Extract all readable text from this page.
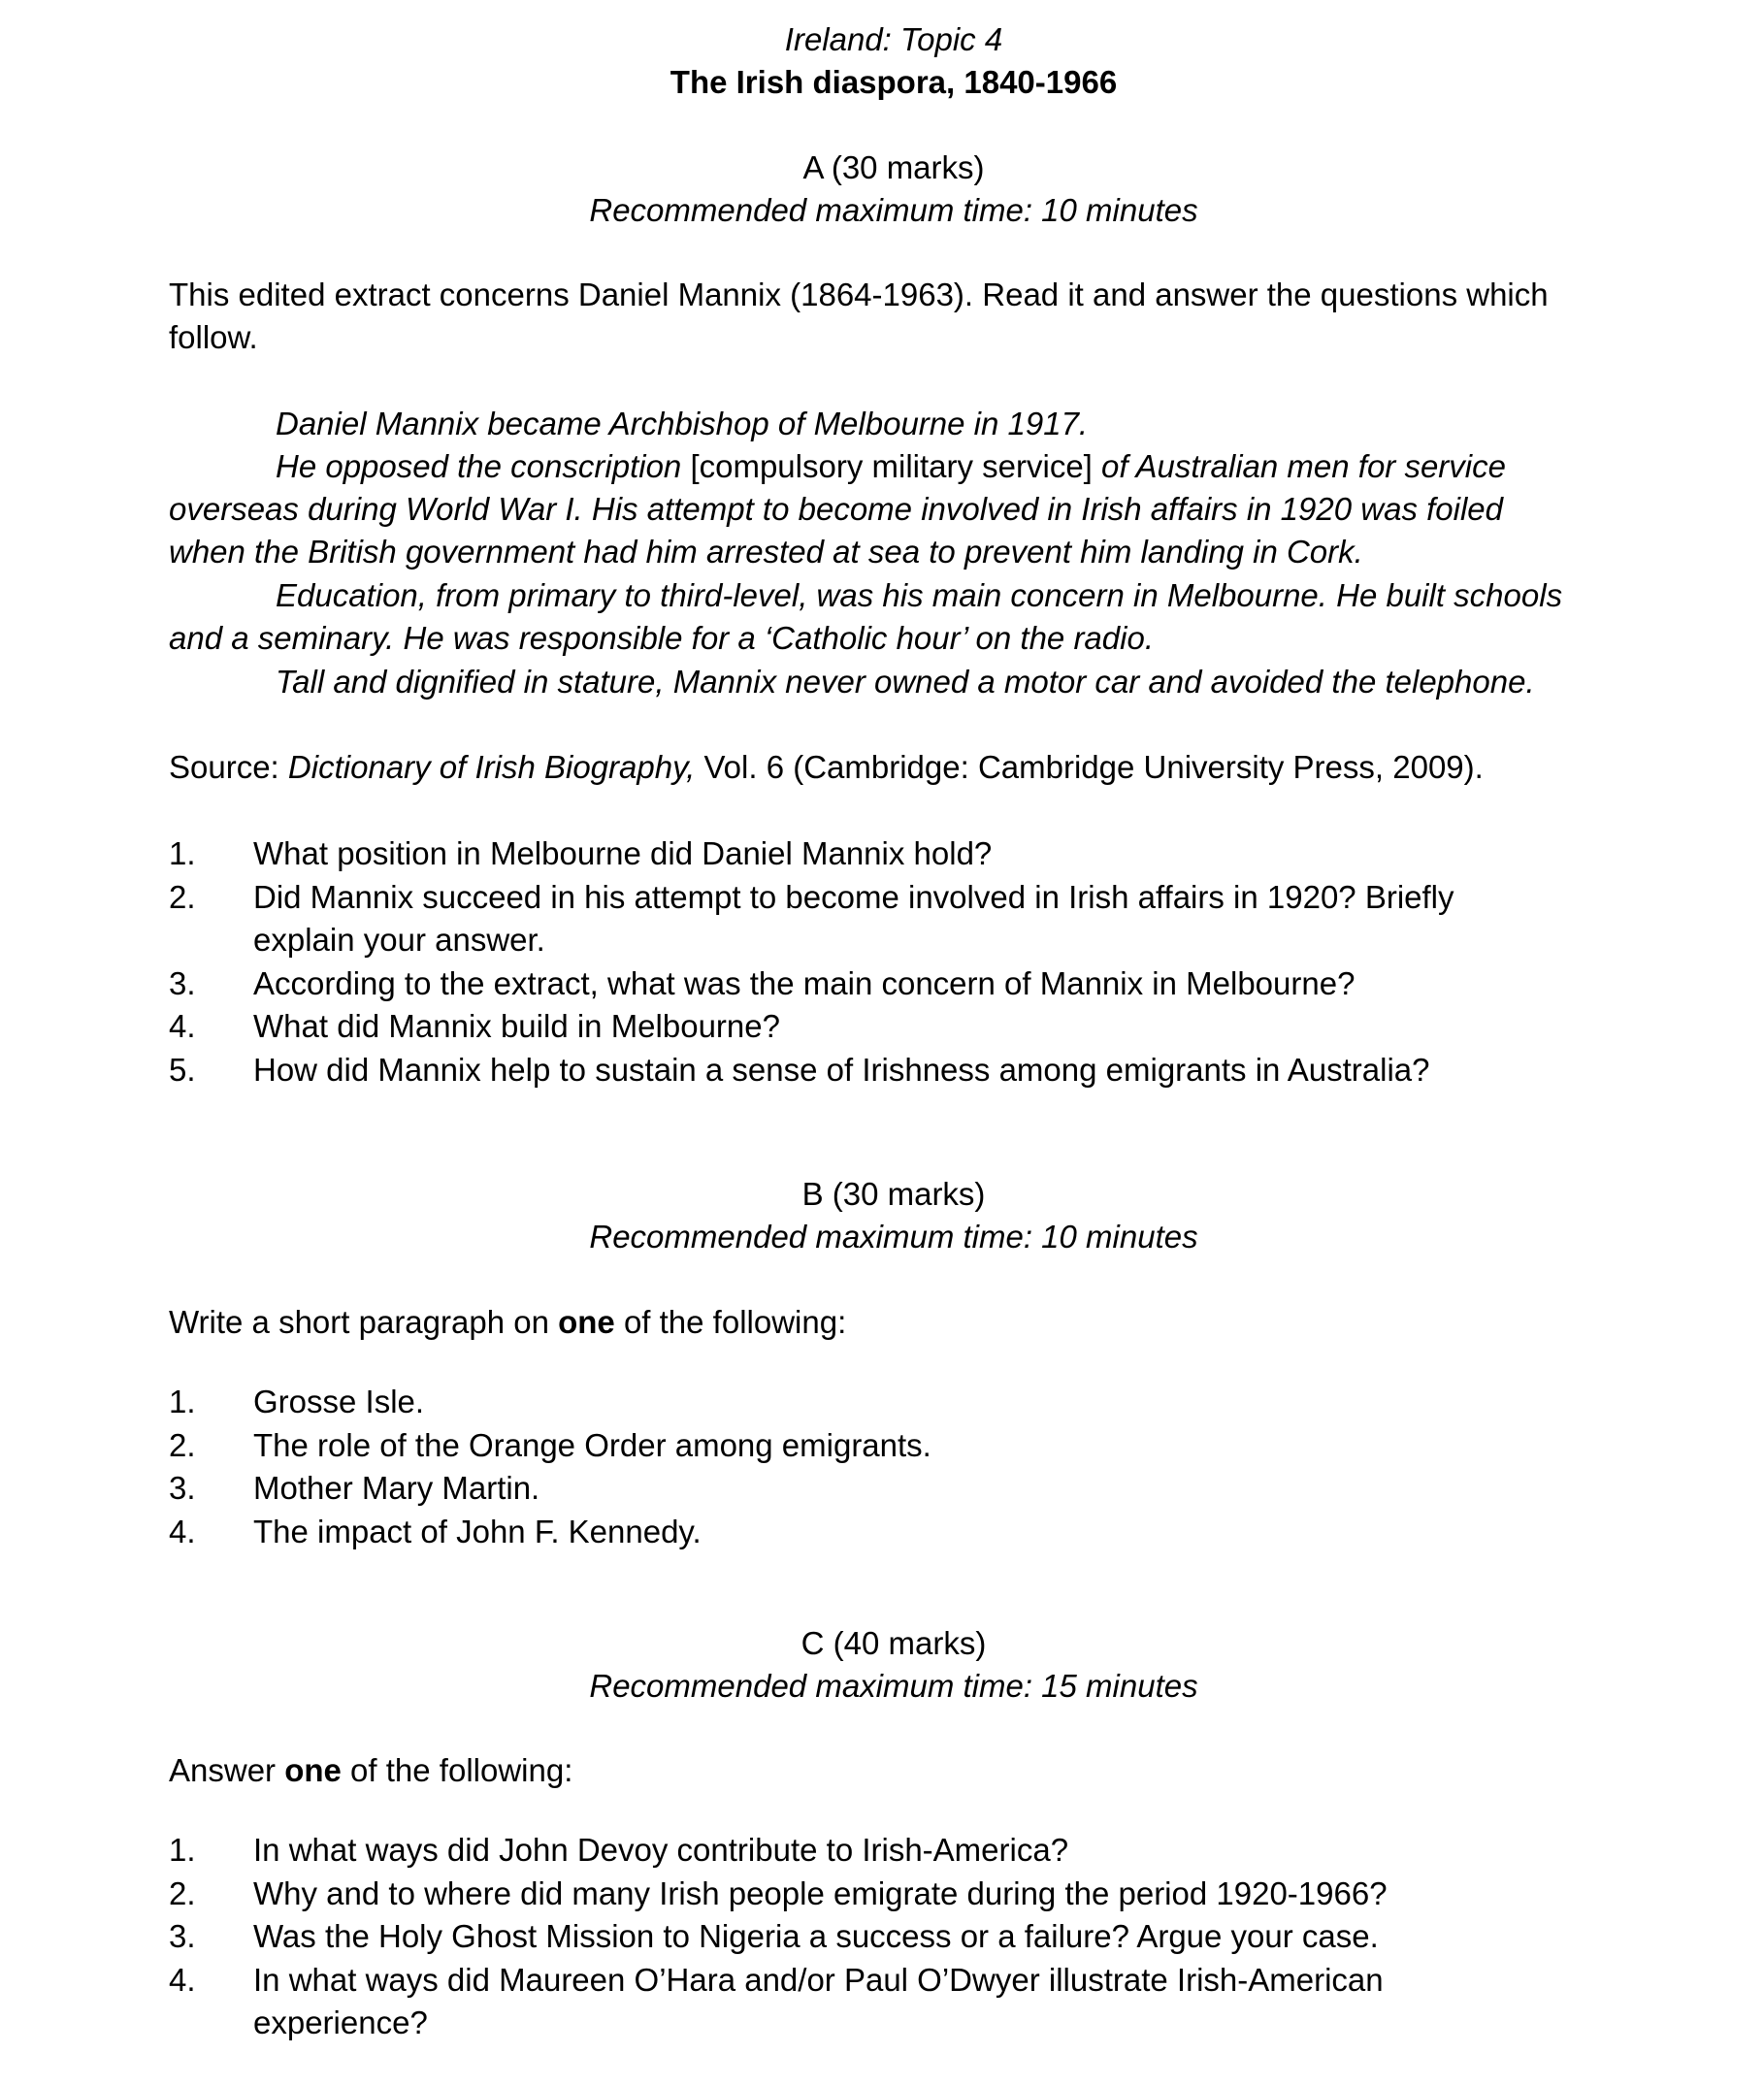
Ireland: Topic 4
The Irish diaspora, 1840-1966
A (30 marks)
Recommended maximum time: 10 minutes
This edited extract concerns Daniel Mannix (1864-1963). Read it and answer the questions which
follow.
Daniel Mannix became Archbishop of Melbourne in 1917.
He opposed the conscription [compulsory military service] of Australian men for service
overseas during World War I. His attempt to become involved in Irish affairs in 1920 was foiled
when the British government had him arrested at sea to prevent him landing in Cork.
Education, from primary to third-level, was his main concern in Melbourne. He built schools
and a seminary. He was responsible for a ‘Catholic hour’ on the radio.
Tall and dignified in stature, Mannix never owned a motor car and avoided the telephone.
Source: Dictionary of Irish Biography, Vol. 6 (Cambridge: Cambridge University Press, 2009).
1. What position in Melbourne did Daniel Mannix hold?
2. Did Mannix succeed in his attempt to become involved in Irish affairs in 1920? Briefly
explain your answer.
3. According to the extract, what was the main concern of Mannix in Melbourne?
4. What did Mannix build in Melbourne?
5. How did Mannix help to sustain a sense of Irishness among emigrants in Australia?
B (30 marks)
Recommended maximum time: 10 minutes
Write a short paragraph on one of the following:
1. Grosse Isle.
2. The role of the Orange Order among emigrants.
3. Mother Mary Martin.
4. The impact of John F. Kennedy.
C (40 marks)
Recommended maximum time: 15 minutes
Answer one of the following:
1. In what ways did John Devoy contribute to Irish-America?
2. Why and to where did many Irish people emigrate during the period 1920-1966?
3. Was the Holy Ghost Mission to Nigeria a success or a failure? Argue your case.
4. In what ways did Maureen O’Hara and/or Paul O’Dwyer illustrate Irish-American
experience?
